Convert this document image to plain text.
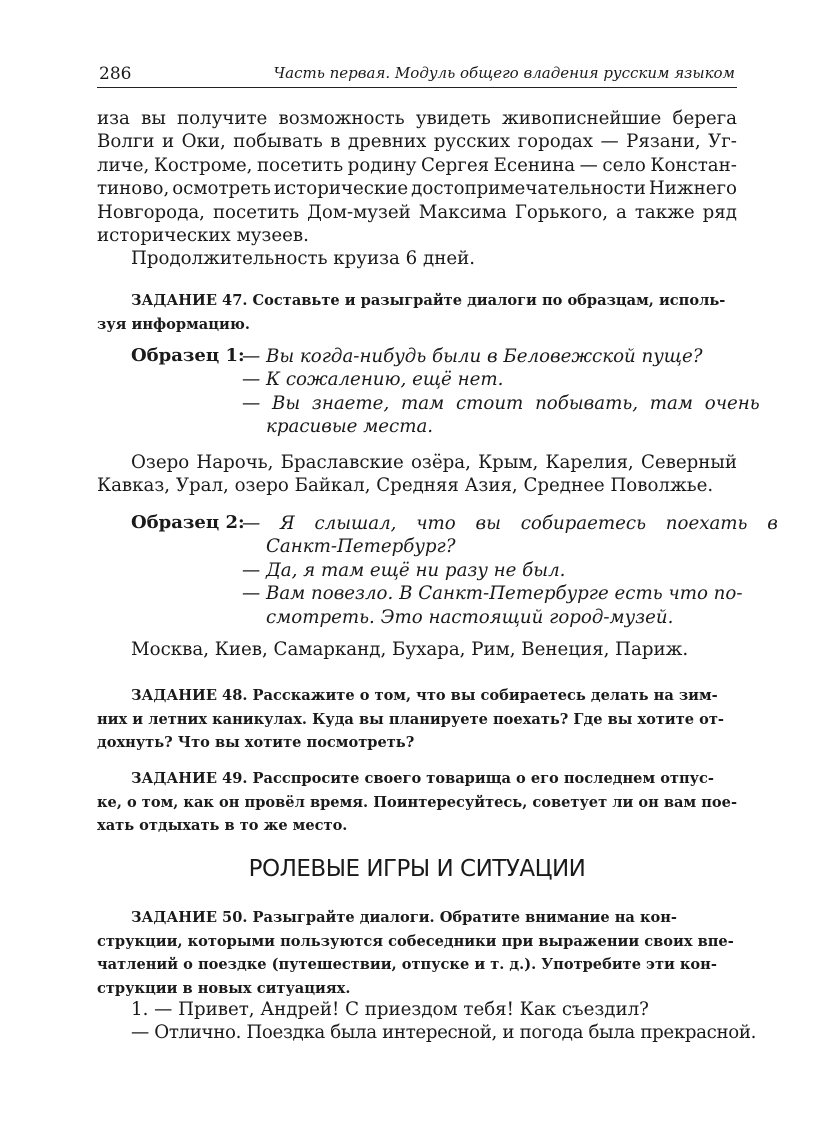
286	Часть первая. Модуль общего владения русским языком
иза вы получите возможность увидеть живописнейшие берега
Волги и Оки, побывать в древних русских городах — Рязани, Уг-
личе, Костроме, посетить родину Сергея Есенина — село Констан-
тиново, осмотреть исторические достопримечательности Нижнего
Новгорода, посетить Дом-музей Максима Горького, а также ряд
исторических музеев.
Продолжительность круиза 6 дней.
ЗАДАНИЕ 47. Составьте и разыграйте диалоги по образцам, исполь-
зуя информацию.
Образец 1:
— Вы когда-нибудь были в Беловежской пуще?
— К сожалению, ещё нет.
— Вы знаете, там стоит побывать, там очень
красивые места.
Озеро Нарочь, Браславские озёра, Крым, Карелия, Северный
Кавказ, Урал, озеро Байкал, Средняя Азия, Среднее Поволжье.
Образец 2:
— Я слышал, что вы собираетесь поехать в
Санкт-Петербург?
— Да, я там ещё ни разу не был.
— Вам повезло. В Санкт-Петербурге есть что по-
смотреть. Это настоящий город-музей.
Москва, Киев, Самарканд, Бухара, Рим, Венеция, Париж.
ЗАДАНИЕ 48. Расскажите о том, что вы собираетесь делать на зим-
них и летних каникулах. Куда вы планируете поехать? Где вы хотите от-
дохнуть? Что вы хотите посмотреть?
ЗАДАНИЕ 49. Расспросите своего товарища о его последнем отпус-
ке, о том, как он провёл время. Поинтересуйтесь, советует ли он вам пое-
хать отдыхать в то же место.
РОЛЕВЫЕ ИГРЫ И СИТУАЦИИ
ЗАДАНИЕ 50. Разыграйте диалоги. Обратите внимание на кон-
струкции, которыми пользуются собеседники при выражении своих впе-
чатлений о поездке (путешествии, отпуске и т. д.). Употребите эти кон-
струкции в новых ситуациях.
1. — Привет, Андрей! С приездом тебя! Как съездил?
— Отлично. Поездка была интересной, и погода была прекрасной.
